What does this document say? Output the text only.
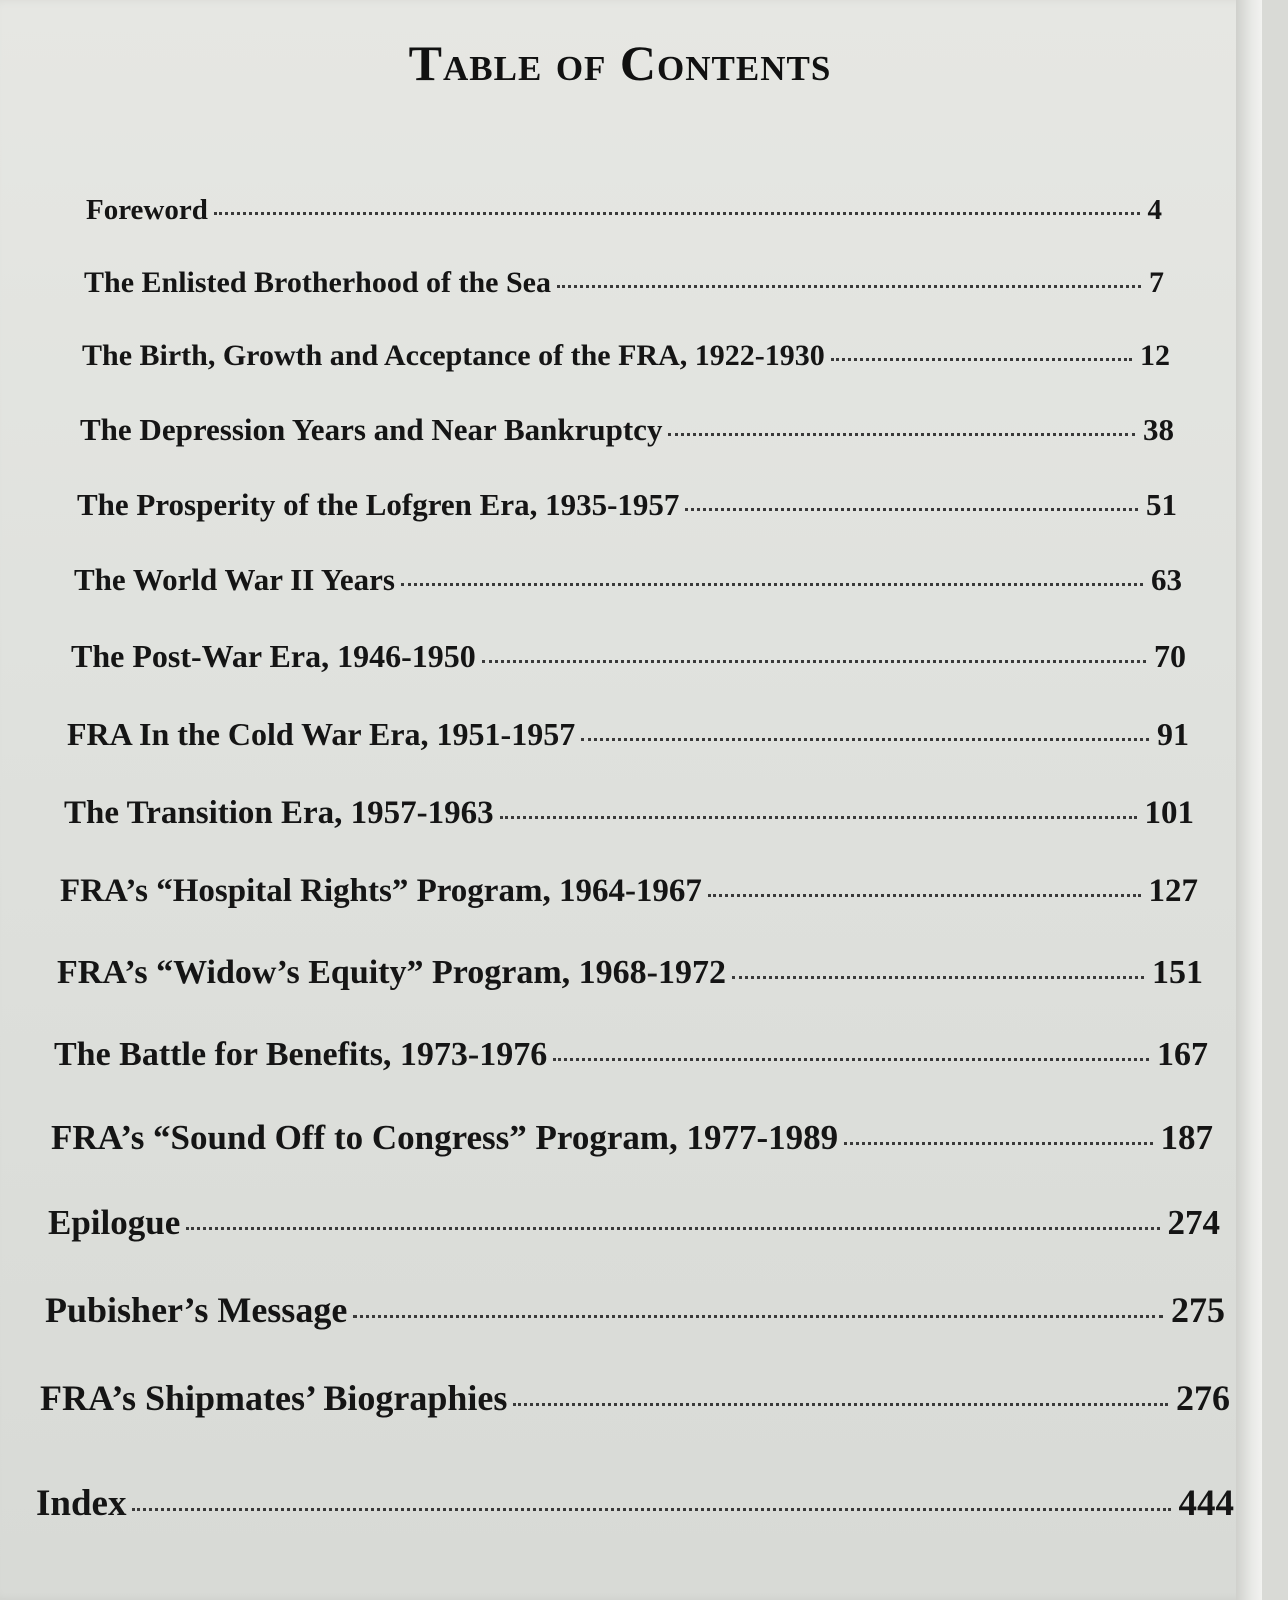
Table of Contents
Foreword	4
The Enlisted Brotherhood of the Sea	7
The Birth, Growth and Acceptance of the FRA, 1922-1930	12
The Depression Years and Near Bankruptcy	38
The Prosperity of the Lofgren Era, 1935-1957	51
The World War II Years	63
The Post-War Era, 1946-1950	70
FRA In the Cold War Era, 1951-1957	91
The Transition Era, 1957-1963	101
FRA’s “Hospital Rights” Program, 1964-1967	127
FRA’s “Widow’s Equity” Program, 1968-1972	151
The Battle for Benefits, 1973-1976	167
FRA’s “Sound Off to Congress” Program, 1977-1989	187
Epilogue	274
Pubisher’s Message	275
FRA’s Shipmates’ Biographies	276
Index	444
